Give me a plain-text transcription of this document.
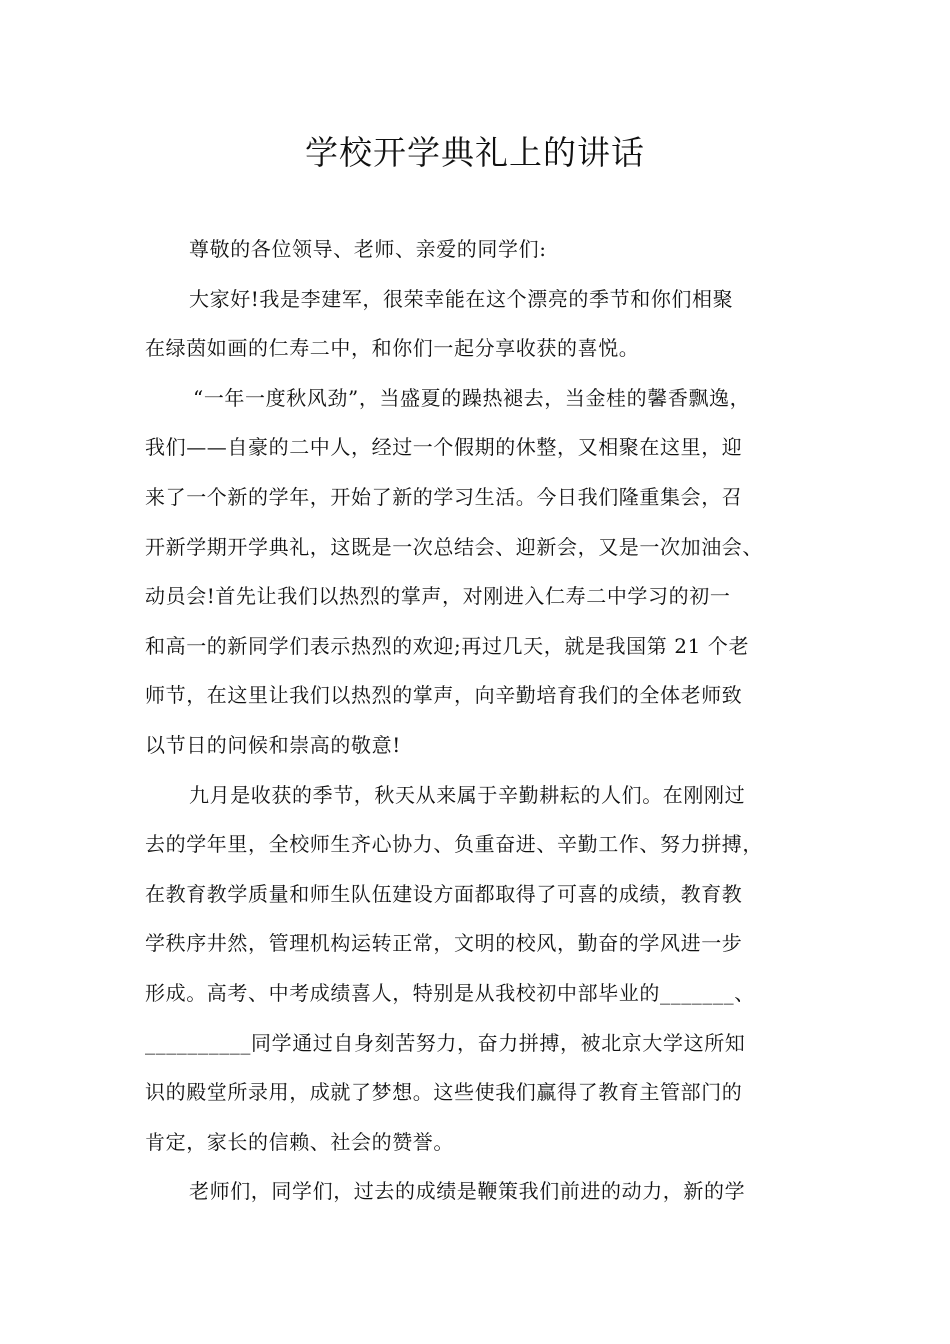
学校开学典礼上的讲话
尊敬的各位领导、老师、亲爱的同学们:
大家好!我是李建军，很荣幸能在这个漂亮的季节和你们相聚
在绿茵如画的仁寿二中，和你们一起分享收获的喜悦。
“一年一度秋风劲”，当盛夏的躁热褪去，当金桂的馨香飘逸，
我们——自豪的二中人，经过一个假期的休整，又相聚在这里，迎
来了一个新的学年，开始了新的学习生活。今日我们隆重集会，召
开新学期开学典礼，这既是一次总结会、迎新会，又是一次加油会、
动员会!首先让我们以热烈的掌声，对刚进入仁寿二中学习的初一
和高一的新同学们表示热烈的欢迎;再过几天，就是我国第 21 个老
师节，在这里让我们以热烈的掌声，向辛勤培育我们的全体老师致
以节日的问候和崇高的敬意!
九月是收获的季节，秋天从来属于辛勤耕耘的人们。在刚刚过
去的学年里，全校师生齐心协力、负重奋进、辛勤工作、努力拼搏，
在教育教学质量和师生队伍建设方面都取得了可喜的成绩，教育教
学秩序井然，管理机构运转正常，文明的校风，勤奋的学风进一步
形成。高考、中考成绩喜人，特别是从我校初中部毕业的_______、
__________同学通过自身刻苦努力，奋力拼搏，被北京大学这所知
识的殿堂所录用，成就了梦想。这些使我们赢得了教育主管部门的
肯定，家长的信赖、社会的赞誉。
老师们，同学们，过去的成绩是鞭策我们前进的动力，新的学
